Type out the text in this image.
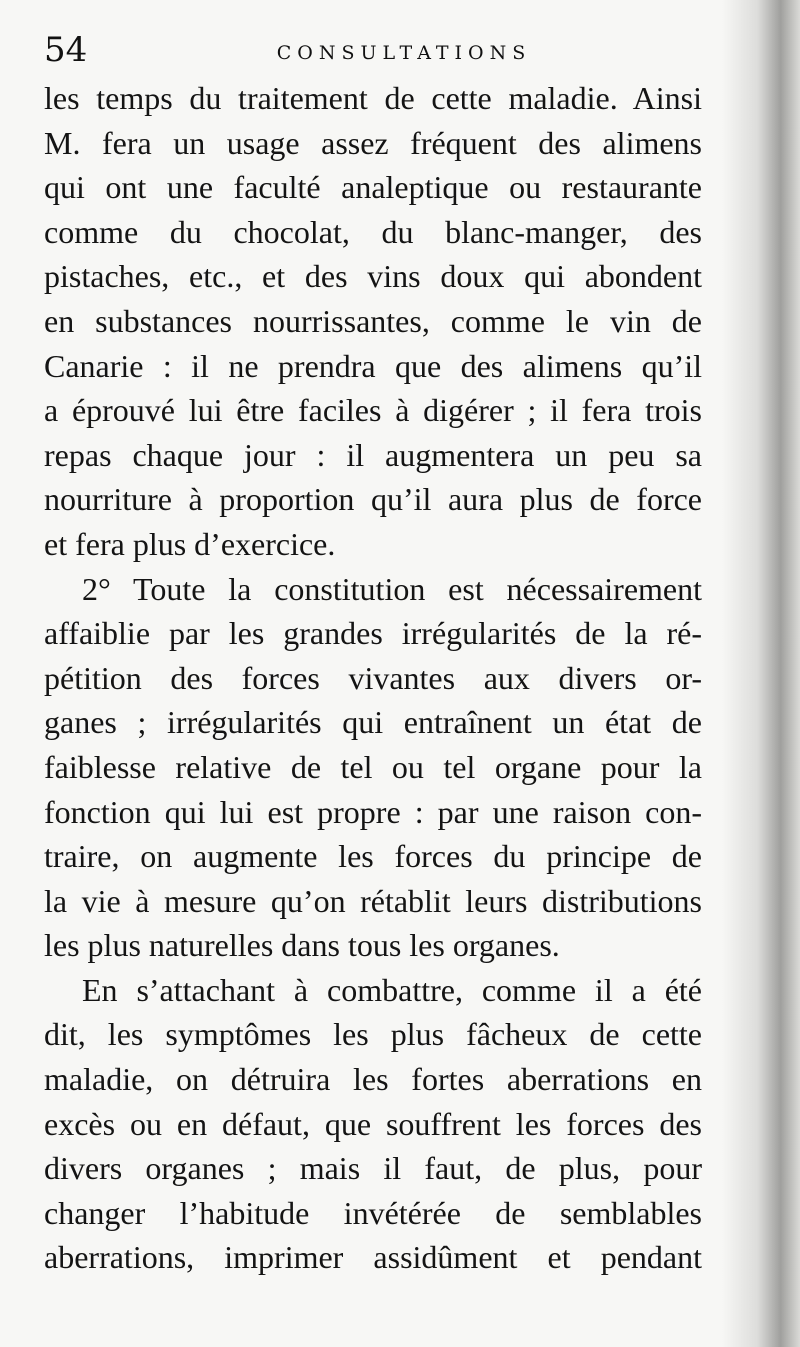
54	CONSULTATIONS
les temps du traitement de cette maladie. Ainsi
M. fera un usage assez fréquent des alimens
qui ont une faculté analeptique ou restaurante
comme du chocolat, du blanc-manger, des
pistaches, etc., et des vins doux qui abondent
en substances nourrissantes, comme le vin de
Canarie : il ne prendra que des alimens qu’il
a éprouvé lui être faciles à digérer ; il fera trois
repas chaque jour : il augmentera un peu sa
nourriture à proportion qu’il aura plus de force
et fera plus d’exercice.
2° Toute la constitution est nécessairement
affaiblie par les grandes irrégularités de la ré-
pétition des forces vivantes aux divers or-
ganes ; irrégularités qui entraînent un état de
faiblesse relative de tel ou tel organe pour la
fonction qui lui est propre : par une raison con-
traire, on augmente les forces du principe de
la vie à mesure qu’on rétablit leurs distributions
les plus naturelles dans tous les organes.
En s’attachant à combattre, comme il a été
dit, les symptômes les plus fâcheux de cette
maladie, on détruira les fortes aberrations en
excès ou en défaut, que souffrent les forces des
divers organes ; mais il faut, de plus, pour
changer l’habitude invétérée de semblables
aberrations, imprimer assidûment et pendant
